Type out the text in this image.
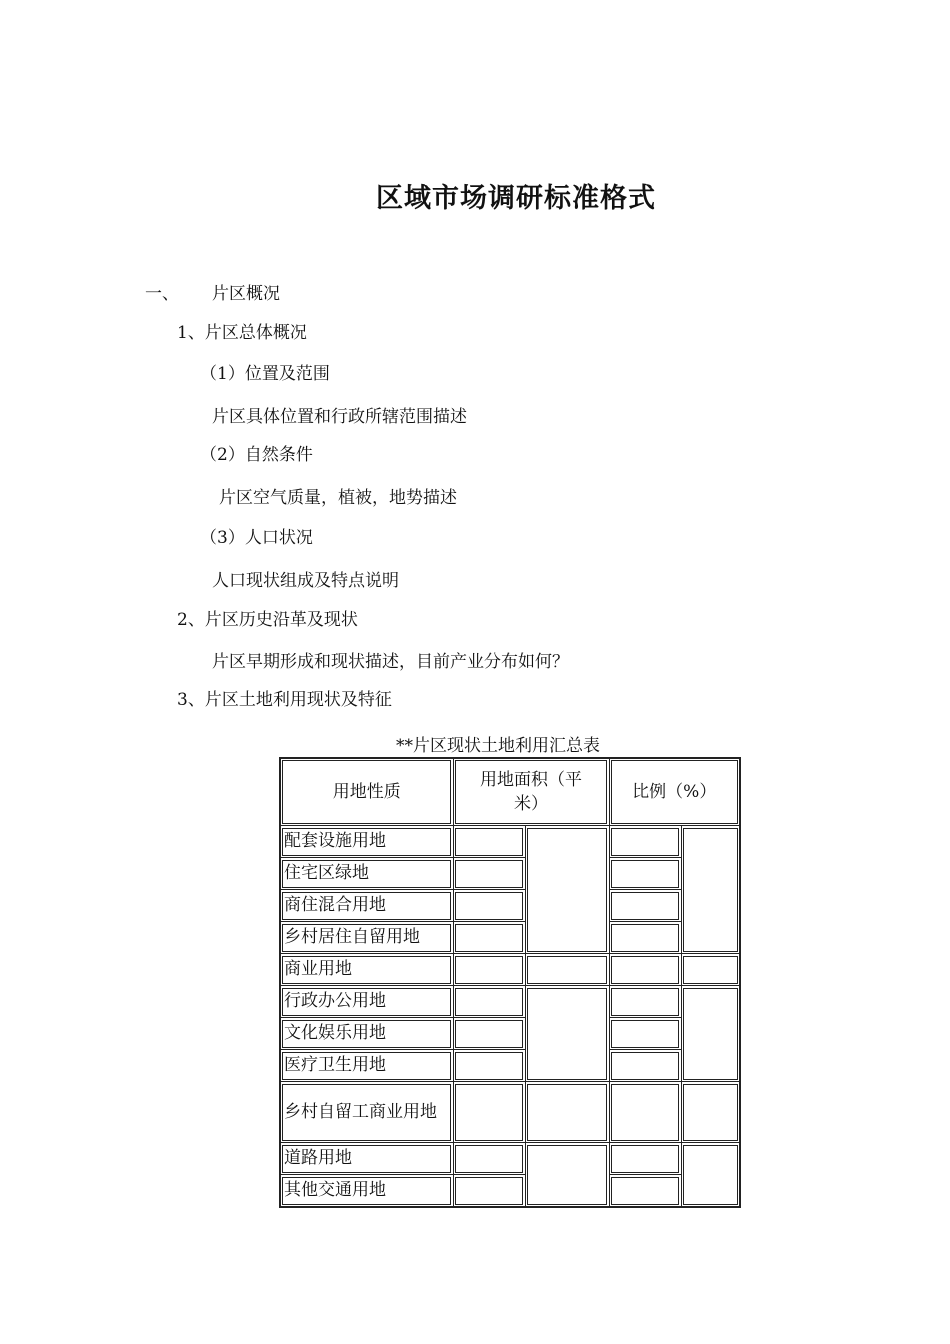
区域市场调研标准格式
一、 片区概况
1、片区总体概况
（1）位置及范围
片区具体位置和行政所辖范围描述
（2）自然条件
片区空气质量，植被，地势描述
（3）人口状况
人口现状组成及特点说明
2、片区历史沿革及现状
片区早期形成和现状描述，目前产业分布如何？
3、片区土地利用现状及特征
**片区现状土地利用汇总表
用地性质	用地面积（平米）		比例（%）	
配套设施用地				
住宅区绿地				
商住混合用地				
乡村居住自留用地				
商业用地				
行政办公用地				
文化娱乐用地				
医疗卫生用地				
乡村自留工商业用地				
道路用地				
其他交通用地				
